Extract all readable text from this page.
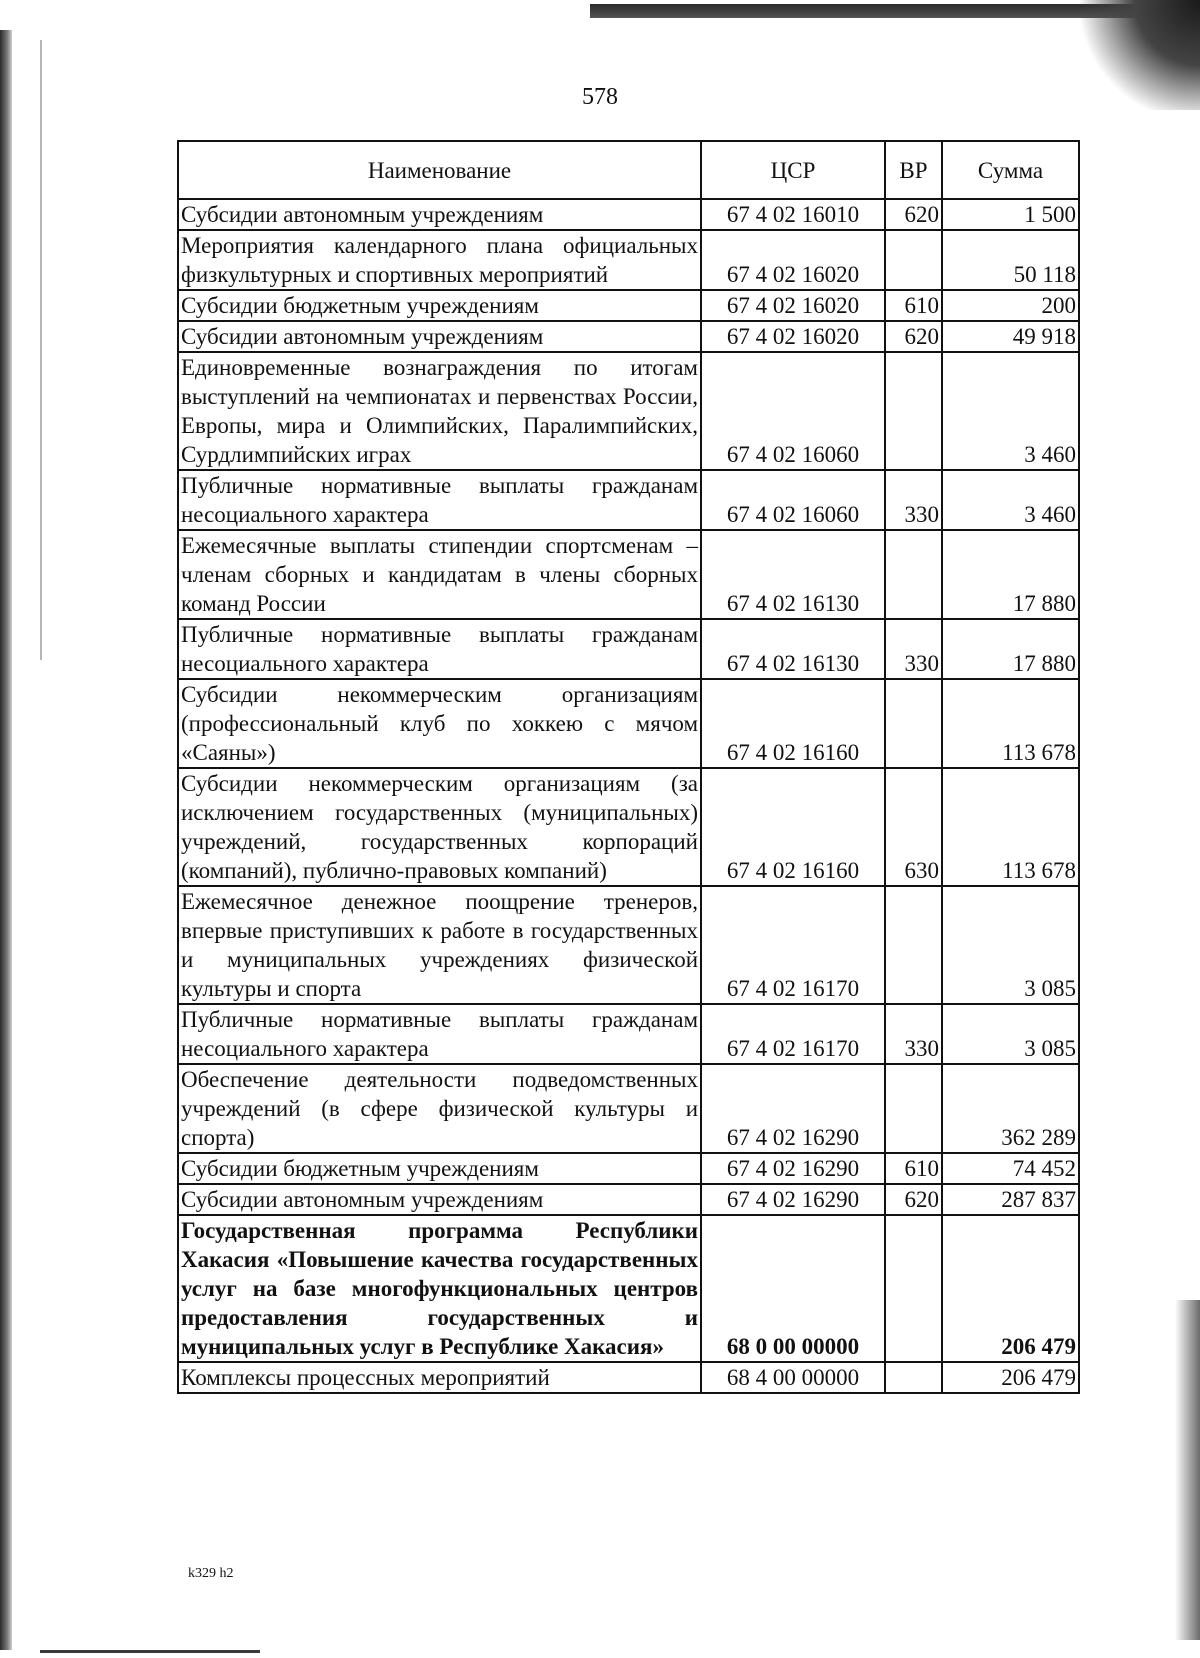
578
Наименование	ЦСР	ВР	Сумма
Субсидии автономным учреждениям	67 4 02 16010	620	1 500
Мероприятия календарного плана официальных физкультурных и спортивных мероприятий	67 4 02 16020		50 118
Субсидии бюджетным учреждениям	67 4 02 16020	610	200
Субсидии автономным учреждениям	67 4 02 16020	620	49 918
Единовременные вознаграждения по итогам выступлений на чемпионатах и первенствах России, Европы, мира и Олимпийских, Паралимпийских, Сурдлимпийских играх	67 4 02 16060		3 460
Публичные нормативные выплаты гражданам несоциального характера	67 4 02 16060	330	3 460
Ежемесячные выплаты стипендии спортсменам – членам сборных и кандидатам в члены сборных команд России	67 4 02 16130		17 880
Публичные нормативные выплаты гражданам несоциального характера	67 4 02 16130	330	17 880
Субсидии некоммерческим организациям (профессиональный клуб по хоккею с мячом «Саяны»)	67 4 02 16160		113 678
Субсидии некоммерческим организациям (за исключением государственных (муниципальных) учреждений, государственных корпораций (компаний), публично-правовых компаний)	67 4 02 16160	630	113 678
Ежемесячное денежное поощрение тренеров, впервые приступивших к работе в государственных и муниципальных учреждениях физической культуры и спорта	67 4 02 16170		3 085
Публичные нормативные выплаты гражданам несоциального характера	67 4 02 16170	330	3 085
Обеспечение деятельности подведомственных учреждений (в сфере физической культуры и спорта)	67 4 02 16290		362 289
Субсидии бюджетным учреждениям	67 4 02 16290	610	74 452
Субсидии автономным учреждениям	67 4 02 16290	620	287 837
Государственная программа Республики Хакасия «Повышение качества государственных услуг на базе многофункциональных центров предоставления государственных и муниципальных услуг в Республике Хакасия»	68 0 00 00000		206 479
Комплексы процессных мероприятий	68 4 00 00000		206 479
k329 h2
